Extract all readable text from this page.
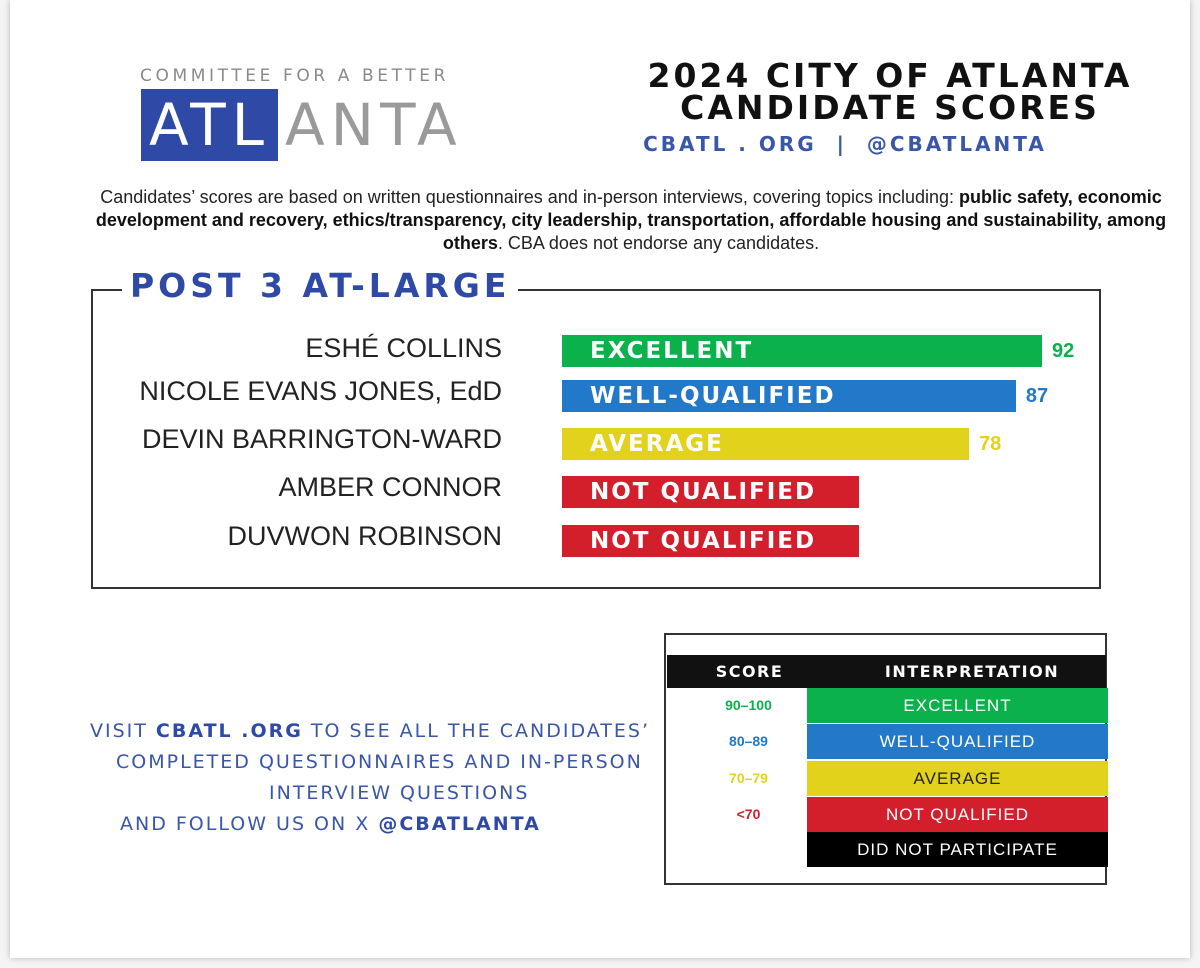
COMMITTEE FOR A BETTER
ATL ANTA
2024 CITY OF ATLANTA
CANDIDATE SCORES
CBATL . ORG  |  @CBATLANTA
Candidates’ scores are based on written questionnaires and in-person interviews, covering topics including: public safety, economic development and recovery, ethics/transparency, city leadership, transportation, affordable housing and sustainability, among others. CBA does not endorse any candidates.
POST 3 AT-LARGE
ESHÉ COLLINS	EXCELLENT	92
NICOLE EVANS JONES, EdD	WELL-QUALIFIED	87
DEVIN BARRINGTON-WARD	AVERAGE	78
AMBER CONNOR	NOT QUALIFIED
DUVWON ROBINSON	NOT QUALIFIED
VISIT CBATL .ORG TO SEE ALL THE CANDIDATES’
COMPLETED QUESTIONNAIRES AND IN-PERSON
INTERVIEW QUESTIONS
AND FOLLOW US ON X @CBATLANTA
SCORE	INTERPRETATION
90–100	EXCELLENT
80–89	WELL-QUALIFIED
70–79	AVERAGE
<70	NOT QUALIFIED
DID NOT PARTICIPATE
